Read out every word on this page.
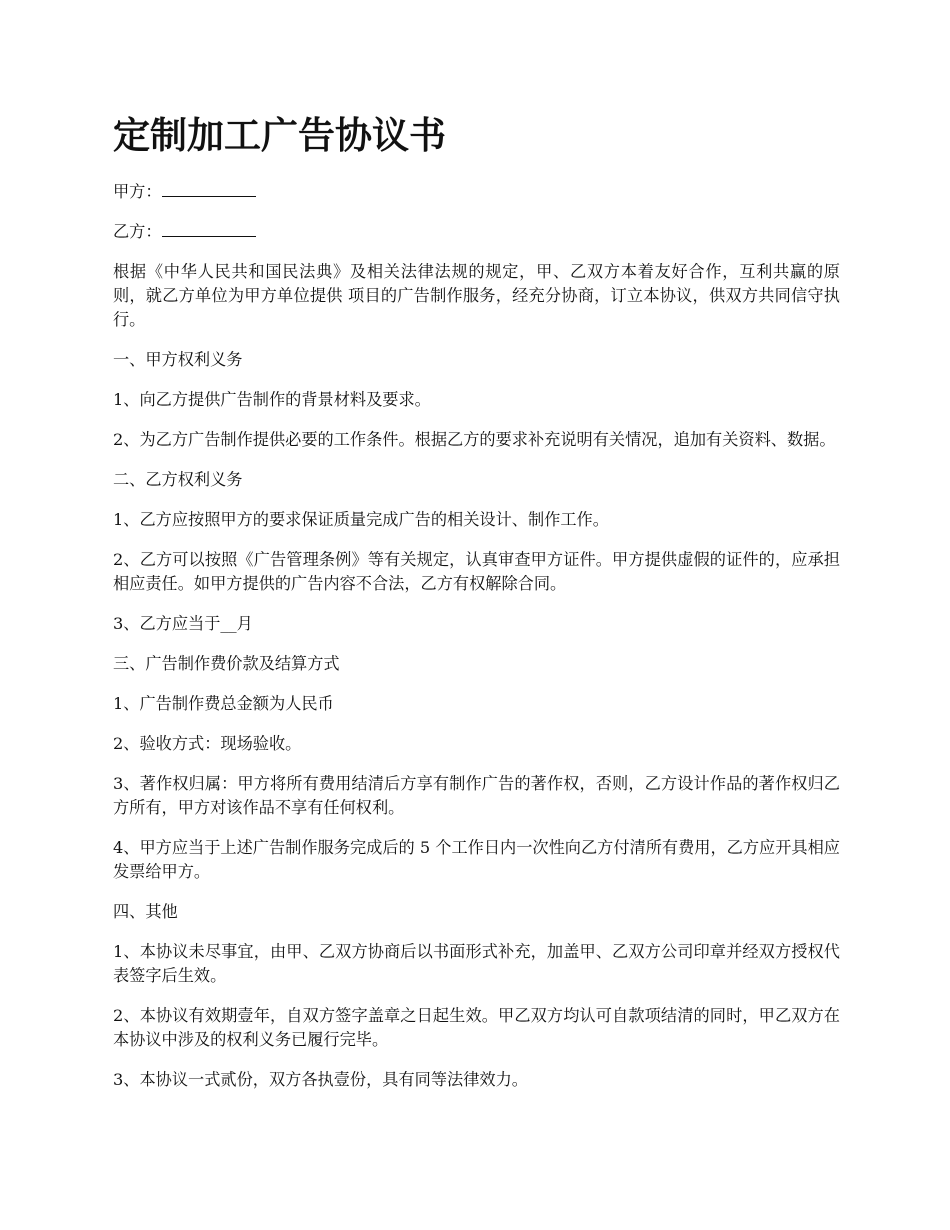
定制加工广告协议书

甲方：

乙方：

根据《中华人民共和国民法典》及相关法律法规的规定，甲、乙双方本着友好合作，互利共赢的原则，就乙方单位为甲方单位提供 项目的广告制作服务，经充分协商，订立本协议，供双方共同信守执行。

一、甲方权利义务

1、向乙方提供广告制作的背景材料及要求。

2、为乙方广告制作提供必要的工作条件。根据乙方的要求补充说明有关情况，追加有关资料、数据。

二、乙方权利义务

1、乙方应按照甲方的要求保证质量完成广告的相关设计、制作工作。

2、乙方可以按照《广告管理条例》等有关规定，认真审查甲方证件。甲方提供虚假的证件的，应承担相应责任。如甲方提供的广告内容不合法，乙方有权解除合同。

3、乙方应当于__月

三、广告制作费价款及结算方式

1、广告制作费总金额为人民币

2、验收方式：现场验收。

3、著作权归属：甲方将所有费用结清后方享有制作广告的著作权，否则，乙方设计作品的著作权归乙方所有，甲方对该作品不享有任何权利。

4、甲方应当于上述广告制作服务完成后的 5 个工作日内一次性向乙方付清所有费用，乙方应开具相应发票给甲方。

四、其他

1、本协议未尽事宜，由甲、乙双方协商后以书面形式补充，加盖甲、乙双方公司印章并经双方授权代表签字后生效。

2、本协议有效期壹年，自双方签字盖章之日起生效。甲乙双方均认可自款项结清的同时，甲乙双方在本协议中涉及的权利义务已履行完毕。

3、本协议一式贰份，双方各执壹份，具有同等法律效力。
